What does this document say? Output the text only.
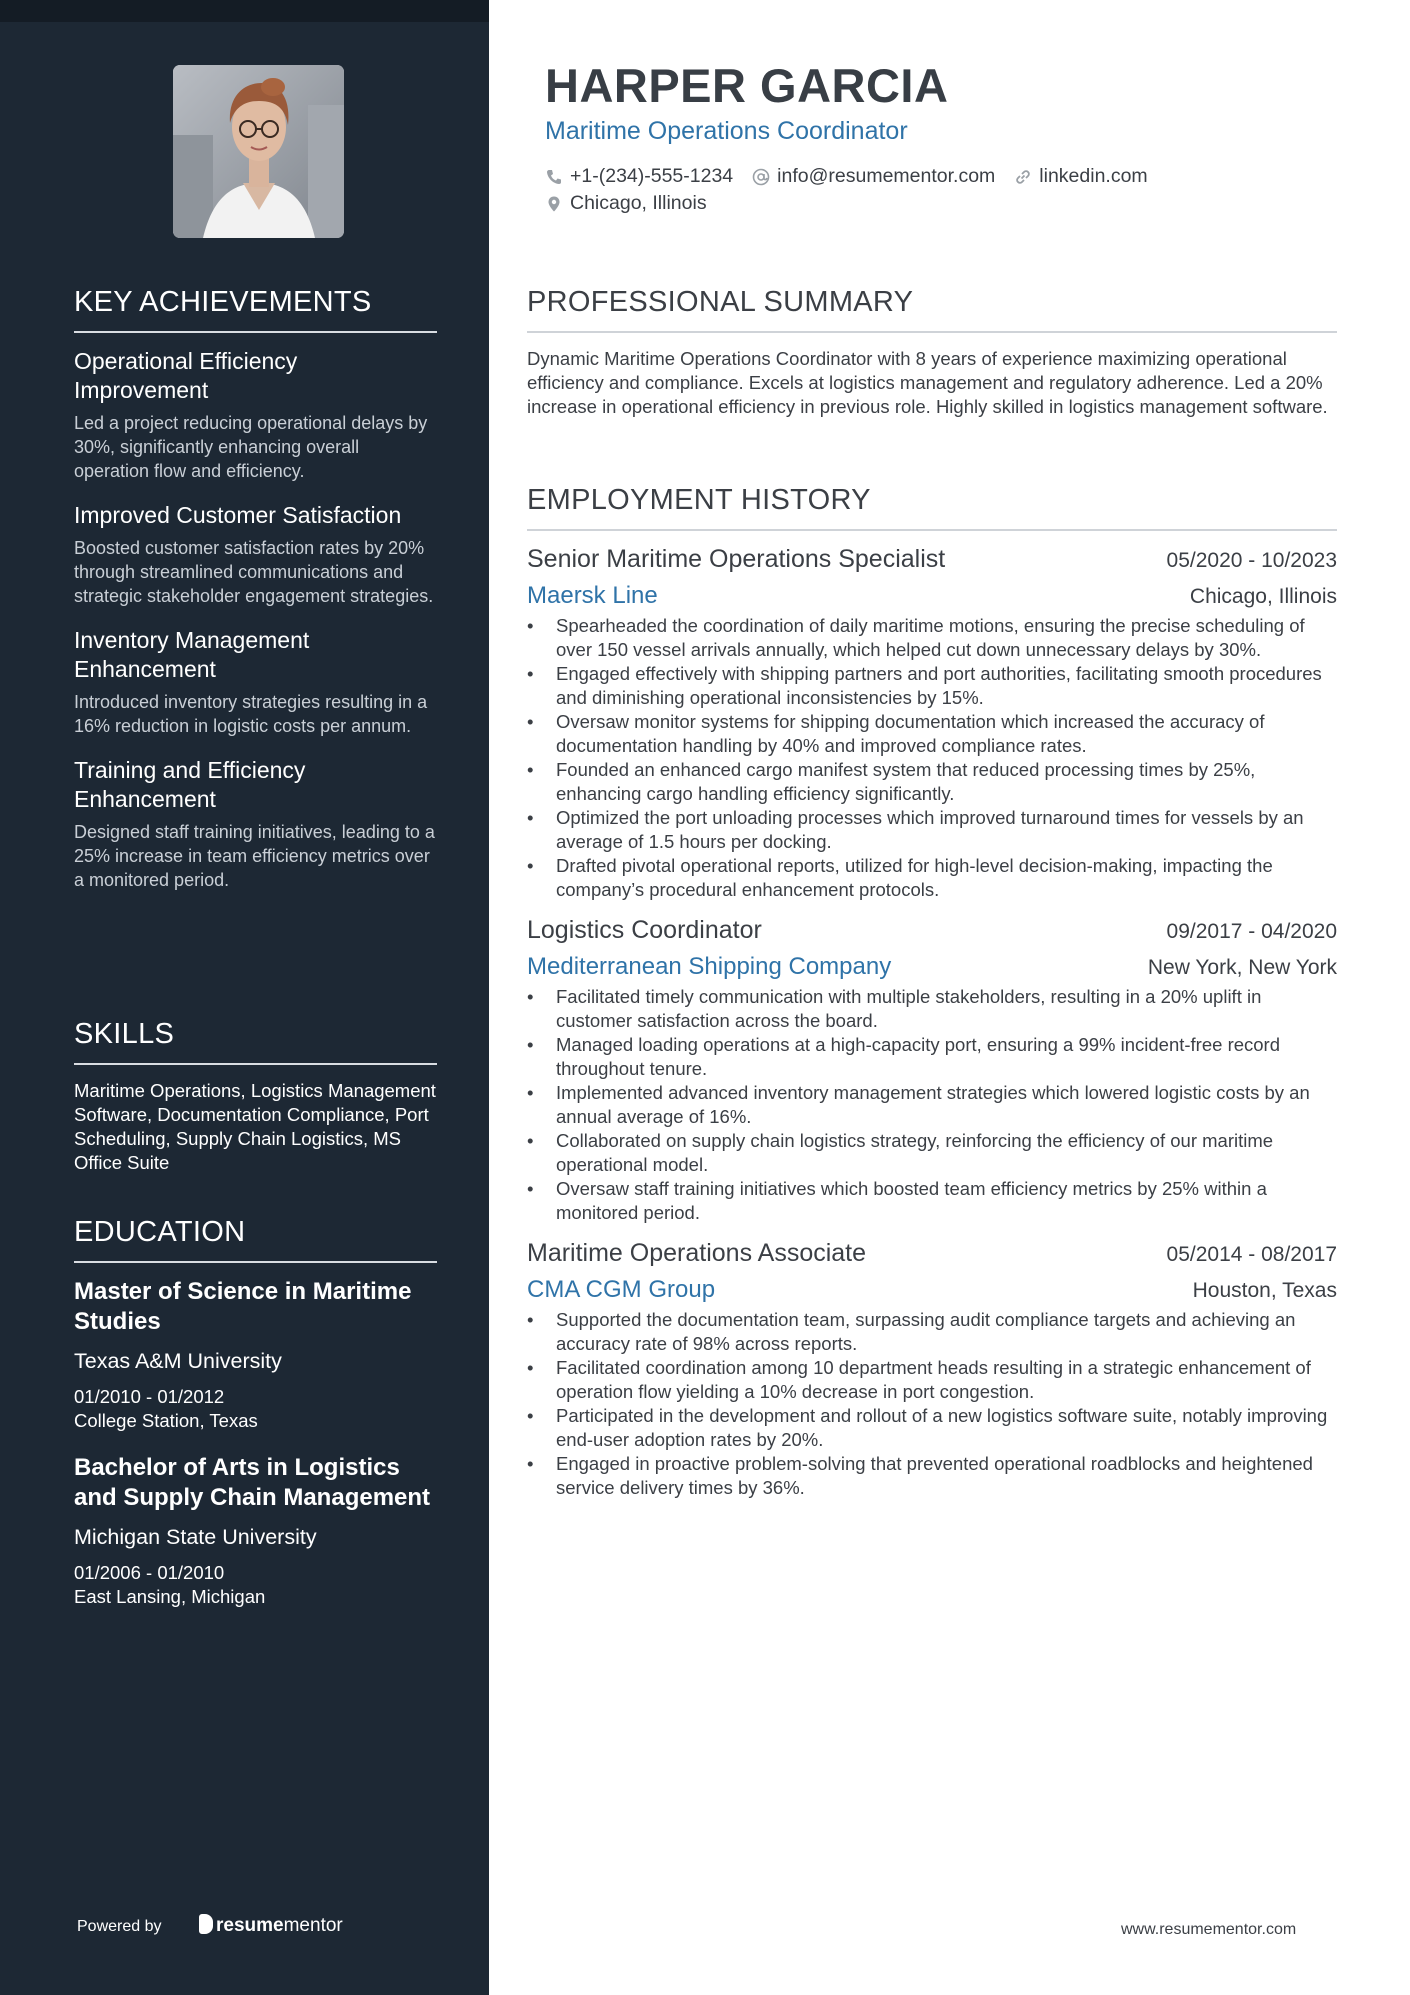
KEY ACHIEVEMENTS
Operational Efficiency Improvement
Led a project reducing operational delays by 30%, significantly enhancing overall operation flow and efficiency.
Improved Customer Satisfaction
Boosted customer satisfaction rates by 20% through streamlined communications and strategic stakeholder engagement strategies.
Inventory Management Enhancement
Introduced inventory strategies resulting in a 16% reduction in logistic costs per annum.
Training and Efficiency Enhancement
Designed staff training initiatives, leading to a 25% increase in team efficiency metrics over a monitored period.
SKILLS
Maritime Operations, Logistics Management Software, Documentation Compliance, Port Scheduling, Supply Chain Logistics, MS Office Suite
EDUCATION
Master of Science in Maritime Studies
Texas A&M University
01/2010 - 01/2012
College Station, Texas
Bachelor of Arts in Logistics and Supply Chain Management
Michigan State University
01/2006 - 01/2010
East Lansing, Michigan
Powered by	resumementor
HARPER GARCIA
Maritime Operations Coordinator
+1-(234)-555-1234 info@resumementor.com linkedin.com
Chicago, Illinois
PROFESSIONAL SUMMARY
Dynamic Maritime Operations Coordinator with 8 years of experience maximizing operational efficiency and compliance. Excels at logistics management and regulatory adherence. Led a 20% increase in operational efficiency in previous role. Highly skilled in logistics management software.
EMPLOYMENT HISTORY
Senior Maritime Operations Specialist	05/2020 - 10/2023
Maersk Line	Chicago, Illinois
• Spearheaded the coordination of daily maritime motions, ensuring the precise scheduling of over 150 vessel arrivals annually, which helped cut down unnecessary delays by 30%.
• Engaged effectively with shipping partners and port authorities, facilitating smooth procedures and diminishing operational inconsistencies by 15%.
• Oversaw monitor systems for shipping documentation which increased the accuracy of documentation handling by 40% and improved compliance rates.
• Founded an enhanced cargo manifest system that reduced processing times by 25%, enhancing cargo handling efficiency significantly.
• Optimized the port unloading processes which improved turnaround times for vessels by an average of 1.5 hours per docking.
• Drafted pivotal operational reports, utilized for high-level decision-making, impacting the company’s procedural enhancement protocols.
Logistics Coordinator	09/2017 - 04/2020
Mediterranean Shipping Company	New York, New York
• Facilitated timely communication with multiple stakeholders, resulting in a 20% uplift in customer satisfaction across the board.
• Managed loading operations at a high-capacity port, ensuring a 99% incident-free record throughout tenure.
• Implemented advanced inventory management strategies which lowered logistic costs by an annual average of 16%.
• Collaborated on supply chain logistics strategy, reinforcing the efficiency of our maritime operational model.
• Oversaw staff training initiatives which boosted team efficiency metrics by 25% within a monitored period.
Maritime Operations Associate	05/2014 - 08/2017
CMA CGM Group	Houston, Texas
• Supported the documentation team, surpassing audit compliance targets and achieving an accuracy rate of 98% across reports.
• Facilitated coordination among 10 department heads resulting in a strategic enhancement of operation flow yielding a 10% decrease in port congestion.
• Participated in the development and rollout of a new logistics software suite, notably improving end-user adoption rates by 20%.
• Engaged in proactive problem-solving that prevented operational roadblocks and heightened service delivery times by 36%.
www.resumementor.com
